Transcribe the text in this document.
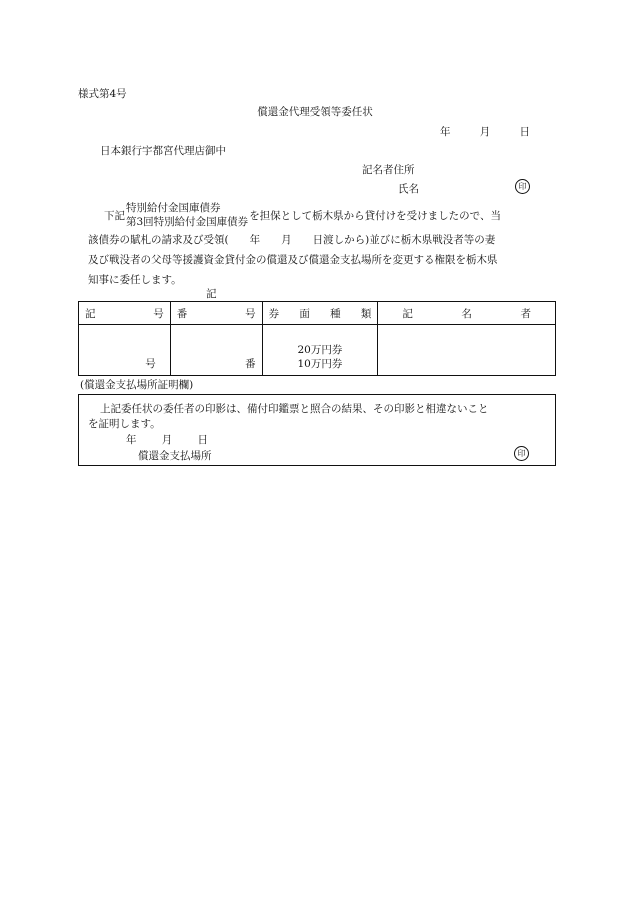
様式第4号
償還金代理受領等委任状
年	月	日
日本銀行宇都宮代理店御中
記名者住所
氏名	印
下記
特別給付金国庫債券
第3回特別給付金国庫債券
を担保として栃木県から貸付けを受けましたので、当
該債券の賦札の請求及び受領(　　年　　月　　日渡しから)並びに栃木県戦没者等の妻
及び戦没者の父母等援護資金貸付金の償還及び償還金支払場所を変更する権限を栃木県
知事に委任します。
記
記 号	番 号	券 面 種 類	記 名 者

号	番	20万円券
10万円券	

(償還金支払場所証明欄)
上記委任状の委任者の印影は、備付印鑑票と照合の結果、その印影と相違ないこと
を証明します。
年 月 日
償還金支払場所	印
